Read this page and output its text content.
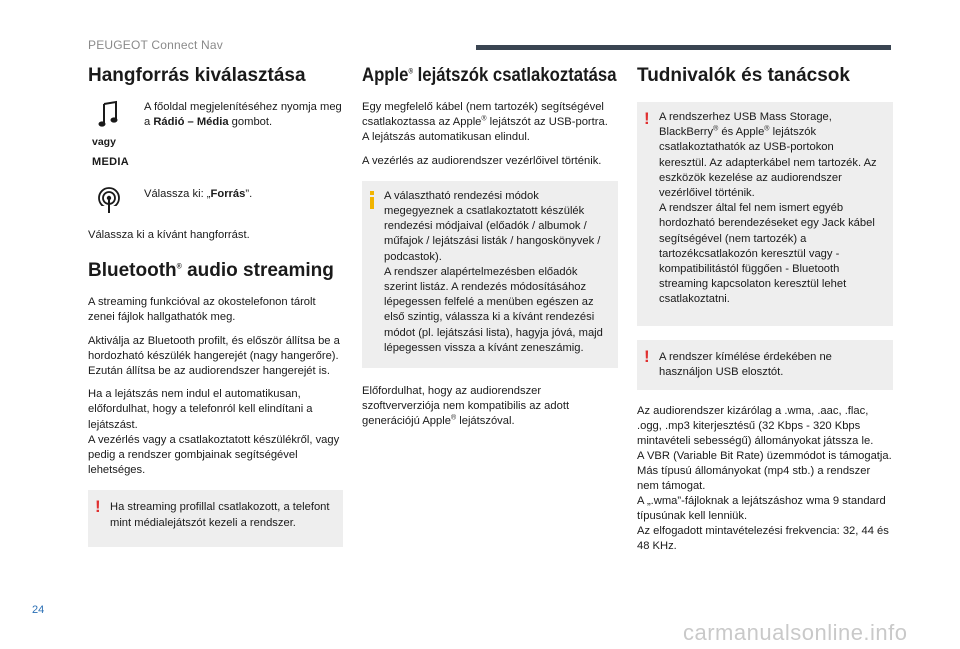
PEUGEOT Connect Nav
Hangforrás kiválasztása
A főoldal megjelenítéséhez nyomja meg a Rádió – Média gombot.
vagy
MEDIA
Válassza ki: „Forrás”.

Válassza ki a kívánt hangforrást.

Bluetooth® audio streaming

A streaming funkcióval az okostelefonon tárolt zenei fájlok hallgathatók meg.

Aktiválja az Bluetooth profilt, és először állítsa be a hordozható készülék hangerejét (nagy hangerőre).
Ezután állítsa be az audiorendszer hangerejét is.

Ha a lejátszás nem indul el automatikusan, előfordulhat, hogy a telefonról kell elindítani a lejátszást.
A vezérlés vagy a csatlakoztatott készülékről, vagy pedig a rendszer gombjainak segítségével lehetséges.

! Ha streaming profillal csatlakozott, a telefont mint médialejátszót kezeli a rendszer.

Apple® lejátszók csatlakoztatása

Egy megfelelő kábel (nem tartozék) segítségével csatlakoztassa az Apple® lejátszót az USB-portra.
A lejátszás automatikusan elindul.

A vezérlés az audiorendszer vezérlőivel történik.

A választható rendezési módok megegyeznek a csatlakoztatott készülék rendezési módjaival (előadók / albumok / műfajok / lejátszási listák / hangoskönyvek / podcastok).
A rendszer alapértelmezésben előadók szerint listáz. A rendezés módosításához lépegessen felfelé a menüben egészen az első szintig, válassza ki a kívánt rendezési módot (pl. lejátszási lista), hagyja jóvá, majd lépegessen vissza a kívánt zeneszámig.

Előfordulhat, hogy az audiorendszer szoftververziója nem kompatibilis az adott generációjú Apple® lejátszóval.

Tudnivalók és tanácsok
! A rendszerhez USB Mass Storage, BlackBerry® és Apple® lejátszók csatlakoztathatók az USB-portokon keresztül. Az adapterkábel nem tartozék. Az eszközök kezelése az audiorendszer vezérlőivel történik.
A rendszer által fel nem ismert egyéb hordozható berendezéseket egy Jack kábel segítségével (nem tartozék) a tartozékcsatlakozón keresztül vagy - kompatibilitástól függően - Bluetooth streaming kapcsolaton keresztül lehet csatlakoztatni.

! A rendszer kímélése érdekében ne használjon USB elosztót.

Az audiorendszer kizárólag a .wma, .aac, .flac, .ogg, .mp3 kiterjesztésű (32 Kbps - 320 Kbps mintavételi sebességű) állományokat játssza le.
A VBR (Variable Bit Rate) üzemmódot is támogatja.
Más típusú állományokat (mp4 stb.) a rendszer nem támogat.
A „.wma”-fájloknak a lejátszáshoz wma 9 standard típusúnak kell lenniük.
Az elfogadott mintavételezési frekvencia: 32, 44 és 48 KHz.

24
carmanualsonline.info
